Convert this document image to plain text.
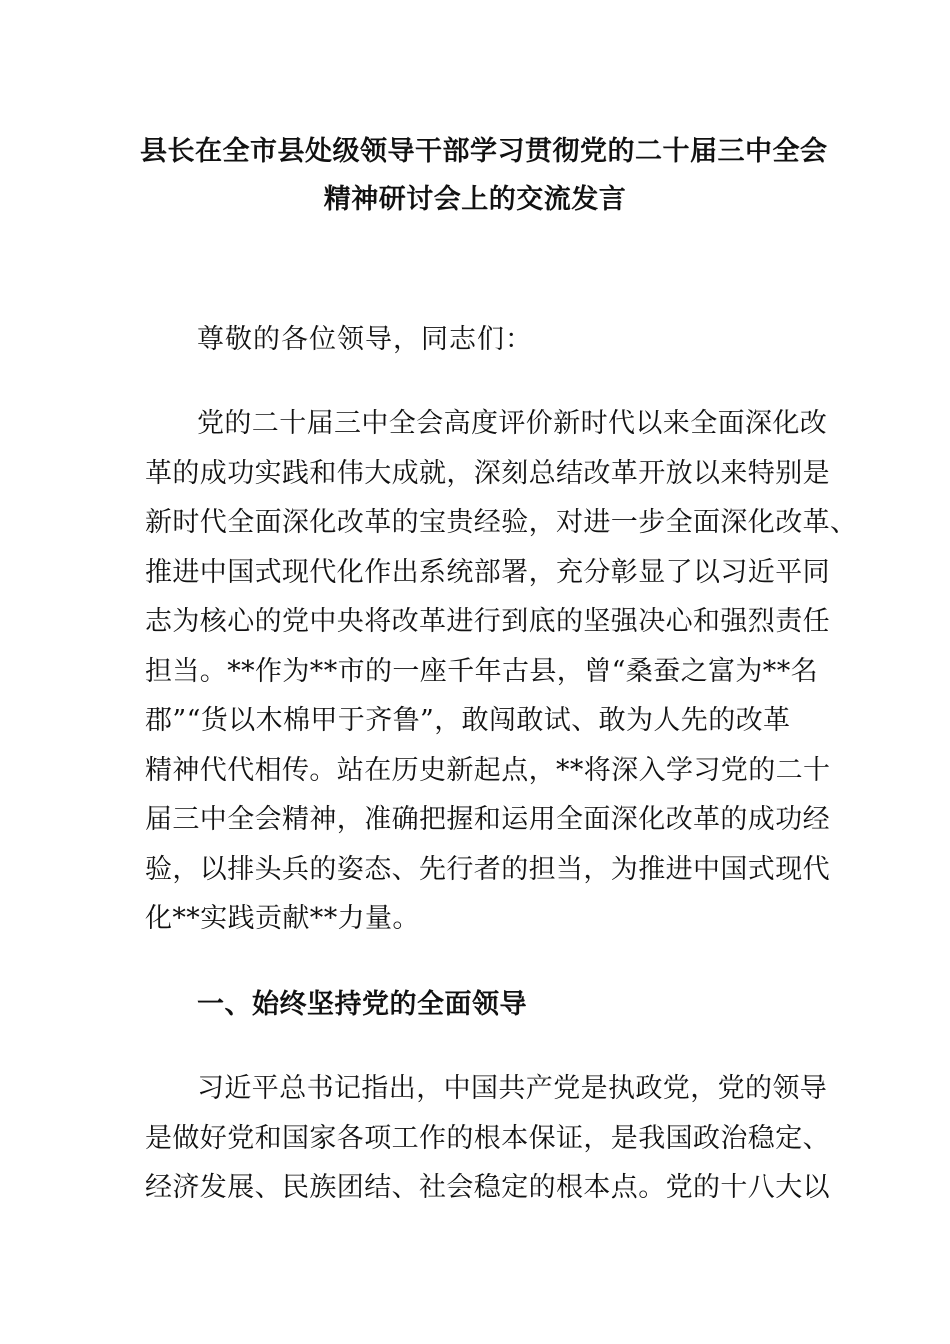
县长在全市县处级领导干部学习贯彻党的二十届三中全会
精神研讨会上的交流发言
尊敬的各位领导，同志们：
党的二十届三中全会高度评价新时代以来全面深化改
革的成功实践和伟大成就，深刻总结改革开放以来特别是
新时代全面深化改革的宝贵经验，对进一步全面深化改革、
推进中国式现代化作出系统部署，充分彰显了以习近平同
志为核心的党中央将改革进行到底的坚强决心和强烈责任
担当。**作为**市的一座千年古县，曾“桑蚕之富为**名
郡”“货以木棉甲于齐鲁”，敢闯敢试、敢为人先的改革
精神代代相传。站在历史新起点，**将深入学习党的二十
届三中全会精神，准确把握和运用全面深化改革的成功经
验，以排头兵的姿态、先行者的担当，为推进中国式现代
化**实践贡献**力量。
一、始终坚持党的全面领导
习近平总书记指出，中国共产党是执政党，党的领导
是做好党和国家各项工作的根本保证，是我国政治稳定、
经济发展、民族团结、社会稳定的根本点。党的十八大以
